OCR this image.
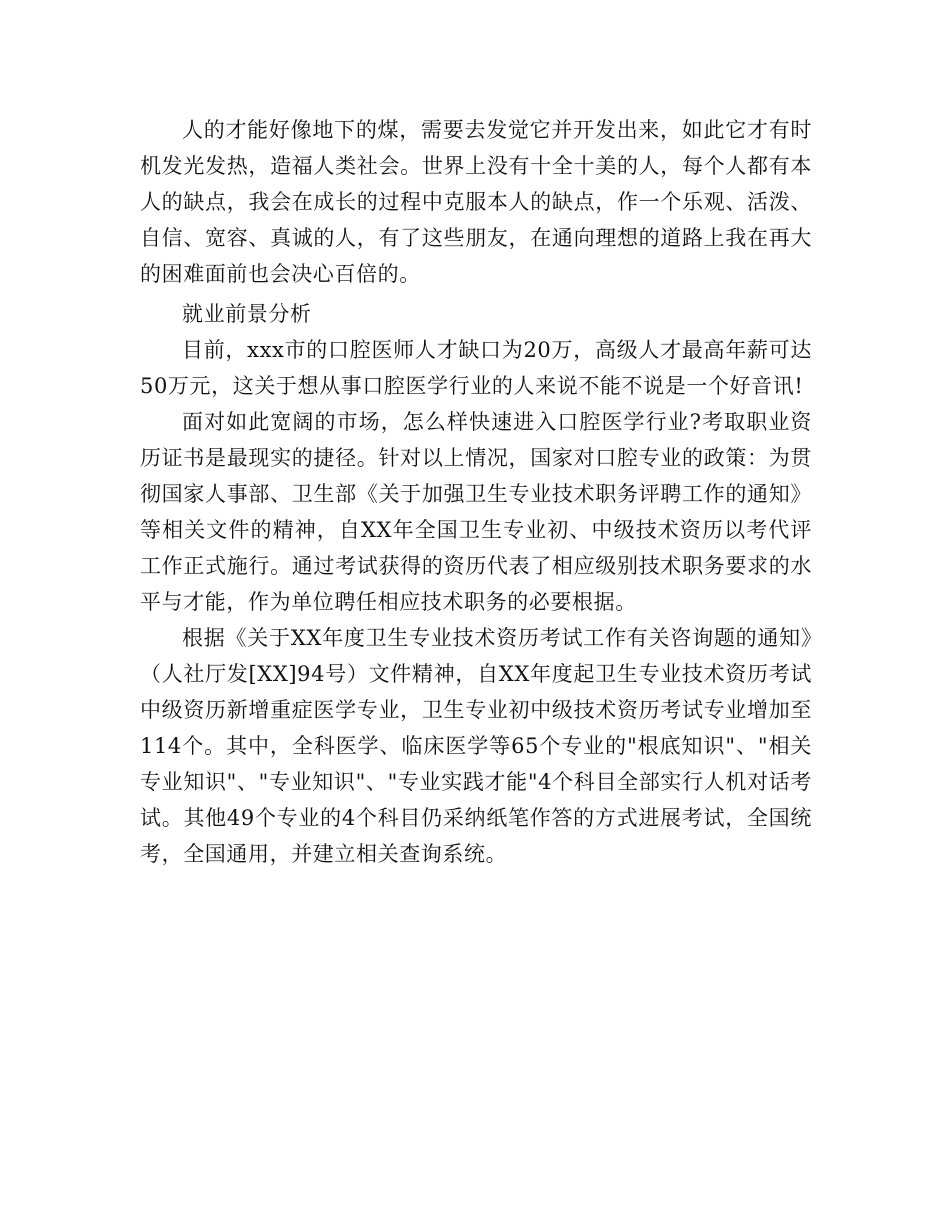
人的才能好像地下的煤，需要去发觉它并开发出来，如此它才有时机发光发热，造福人类社会。世界上没有十全十美的人，每个人都有本人的缺点，我会在成长的过程中克服本人的缺点，作一个乐观、活泼、自信、宽容、真诚的人，有了这些朋友，在通向理想的道路上我在再大的困难面前也会决心百倍的。

就业前景分析

目前，xxx市的口腔医师人才缺口为20万，高级人才最高年薪可达50万元，这关于想从事口腔医学行业的人来说不能不说是一个好音讯!

面对如此宽阔的市场，怎么样快速进入口腔医学行业?考取职业资历证书是最现实的捷径。针对以上情况，国家对口腔专业的政策：为贯彻国家人事部、卫生部《关于加强卫生专业技术职务评聘工作的通知》等相关文件的精神，自XX年全国卫生专业初、中级技术资历以考代评工作正式施行。通过考试获得的资历代表了相应级别技术职务要求的水平与才能，作为单位聘任相应技术职务的必要根据。

根据《关于XX年度卫生专业技术资历考试工作有关咨询题的通知》（人社厅发[XX]94号）文件精神，自XX年度起卫生专业技术资历考试中级资历新增重症医学专业，卫生专业初中级技术资历考试专业增加至114个。其中，全科医学、临床医学等65个专业的"根底知识"、"相关专业知识"、"专业知识"、"专业实践才能"4个科目全部实行人机对话考试。其他49个专业的4个科目仍采纳纸笔作答的方式进展考试，全国统考，全国通用，并建立相关查询系统。
